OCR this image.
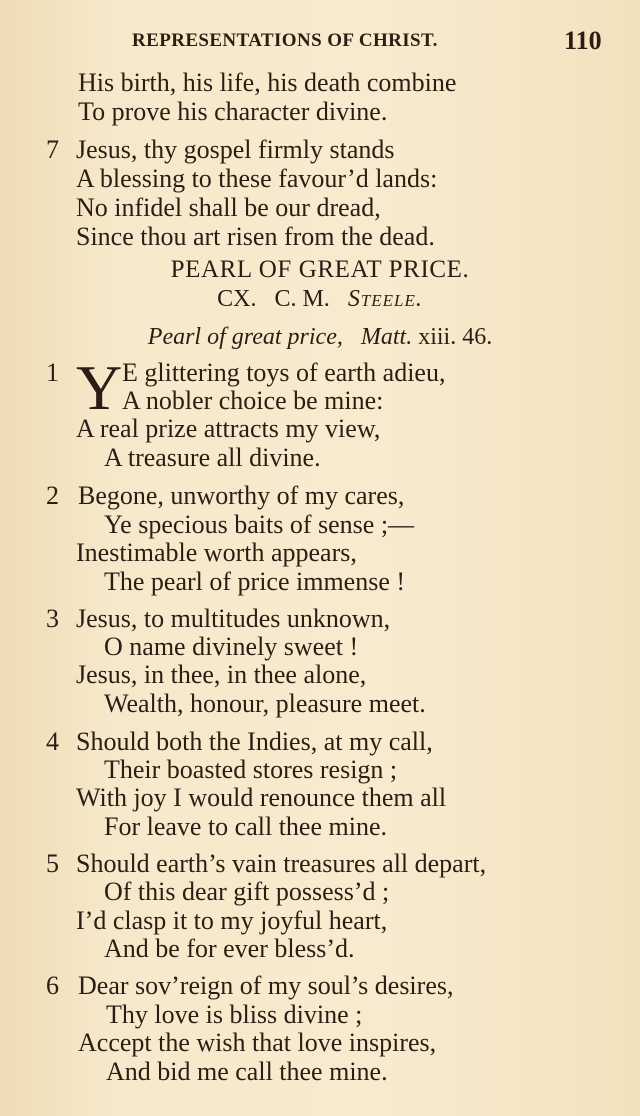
REPRESENTATIONS OF CHRIST.	110
His birth, his life, his death combine
To prove his character divine.
7 Jesus, thy gospel firmly stands
A blessing to these favour’d lands:
No infidel shall be our dread,
Since thou art risen from the dead.
PEARL OF GREAT PRICE.
CX. C. M. Steele.
Pearl of great price, Matt. xiii. 46.
1 Y E glittering toys of earth adieu,
A nobler choice be mine:
A real prize attracts my view,
A treasure all divine.
2 Begone, unworthy of my cares,
Ye specious baits of sense ;—
Inestimable worth appears,
The pearl of price immense !
3 Jesus, to multitudes unknown,
O name divinely sweet !
Jesus, in thee, in thee alone,
Wealth, honour, pleasure meet.
4 Should both the Indies, at my call,
Their boasted stores resign ;
With joy I would renounce them all
For leave to call thee mine.
5 Should earth’s vain treasures all depart,
Of this dear gift possess’d ;
I’d clasp it to my joyful heart,
And be for ever bless’d.
6 Dear sov’reign of my soul’s desires,
Thy love is bliss divine ;
Accept the wish that love inspires,
And bid me call thee mine.
